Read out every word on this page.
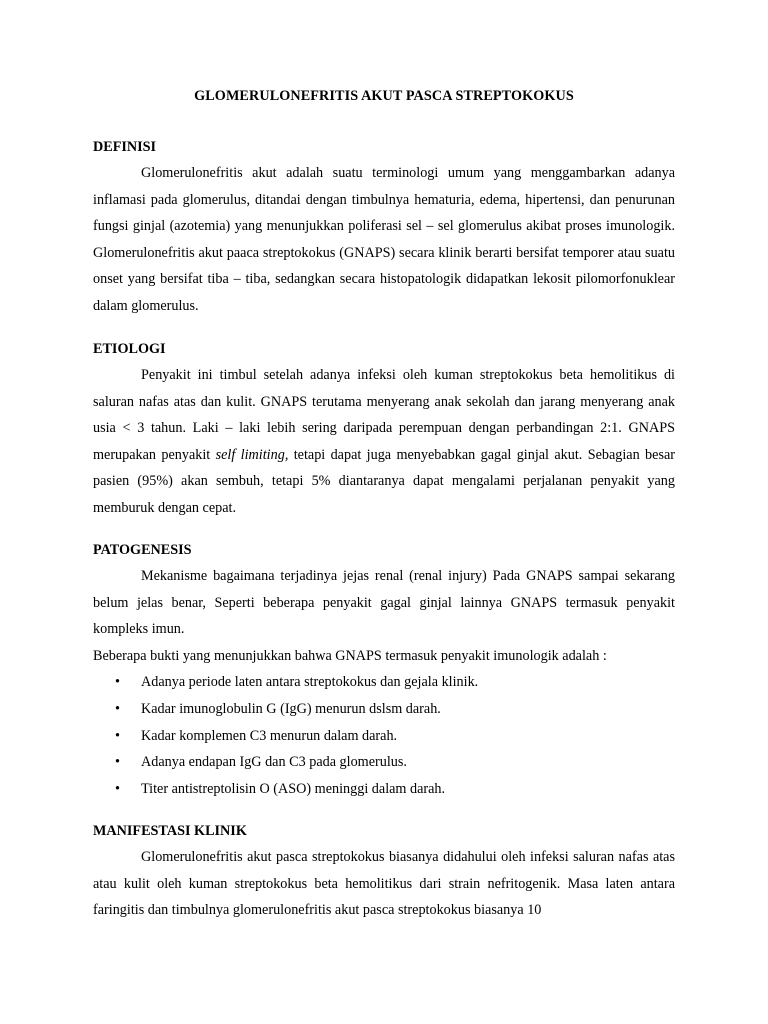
GLOMERULONEFRITIS AKUT PASCA STREPTOKOKUS
DEFINISI

Glomerulonefritis akut adalah suatu terminologi umum yang menggambarkan adanya inflamasi pada glomerulus, ditandai dengan timbulnya hematuria, edema, hipertensi, dan penurunan fungsi ginjal (azotemia) yang menunjukkan poliferasi sel – sel glomerulus akibat proses imunologik. Glomerulonefritis akut paaca streptokokus (GNAPS) secara klinik berarti bersifat temporer atau suatu onset yang bersifat tiba – tiba, sedangkan secara histopatologik didapatkan lekosit pilomorfonuklear dalam glomerulus.

ETIOLOGI

Penyakit ini timbul setelah adanya infeksi oleh kuman streptokokus beta hemolitikus di saluran nafas atas dan kulit. GNAPS terutama menyerang anak sekolah dan jarang menyerang anak usia < 3 tahun. Laki – laki lebih sering daripada perempuan dengan perbandingan 2:1. GNAPS merupakan penyakit self limiting, tetapi dapat juga menyebabkan gagal ginjal akut. Sebagian besar pasien (95%) akan sembuh, tetapi 5% diantaranya dapat mengalami perjalanan penyakit yang memburuk dengan cepat.

PATOGENESIS

Mekanisme bagaimana terjadinya jejas renal (renal injury) Pada GNAPS sampai sekarang belum jelas benar, Seperti beberapa penyakit gagal ginjal lainnya GNAPS termasuk penyakit kompleks imun.

Beberapa bukti yang menunjukkan bahwa GNAPS termasuk penyakit imunologik adalah :

• Adanya periode laten antara streptokokus dan gejala klinik.
• Kadar imunoglobulin G (IgG) menurun dslsm darah.
• Kadar komplemen C3 menurun dalam darah.
• Adanya endapan IgG dan C3 pada glomerulus.
• Titer antistreptolisin O (ASO) meninggi dalam darah.
MANIFESTASI KLINIK

Glomerulonefritis akut pasca streptokokus biasanya didahului oleh infeksi saluran nafas atas atau kulit oleh kuman streptokokus beta hemolitikus dari strain nefritogenik. Masa laten antara faringitis dan timbulnya glomerulonefritis akut pasca streptokokus biasanya 10
